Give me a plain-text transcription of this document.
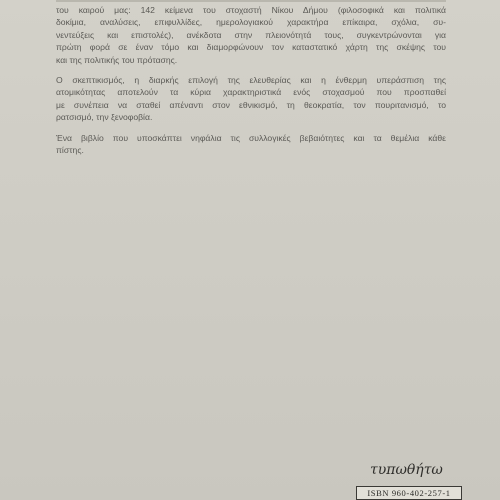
του καιρού μας: 142 κείμενα του στοχαστή Νίκου Δήμου (φιλοσοφικά και πολιτικά
δοκίμια, αναλύσεις, επιφυλλίδες, ημερολογιακού χαρακτήρα επίκαιρα, σχόλια, συ-
νεντεύξεις και επιστολές), ανέκδοτα στην πλειονότητά τους, συγκεντρώνονται για
πρώτη φορά σε έναν τόμο και διαμορφώνουν τον καταστατικό χάρτη της σκέψης του
και της πολιτικής του πρότασης.

Ο σκεπτικισμός, η διαρκής επιλογή της ελευθερίας και η ένθερμη υπεράσπιση της
ατομικότητας αποτελούν τα κύρια χαρακτηριστικά ενός στοχασμού που προσπαθεί
με συνέπεια να σταθεί απέναντι στον εθνικισμό, τη θεοκρατία, τον πουριτανισμό, το
ρατσισμό, την ξενοφοβία.

Ένα βιβλίο που υποσκάπτει νηφάλια τις συλλογικές βεβαιότητες και τα θεμέλια κάθε
πίστης.

τυπωθήτω
ISBN 960-402-257-1
